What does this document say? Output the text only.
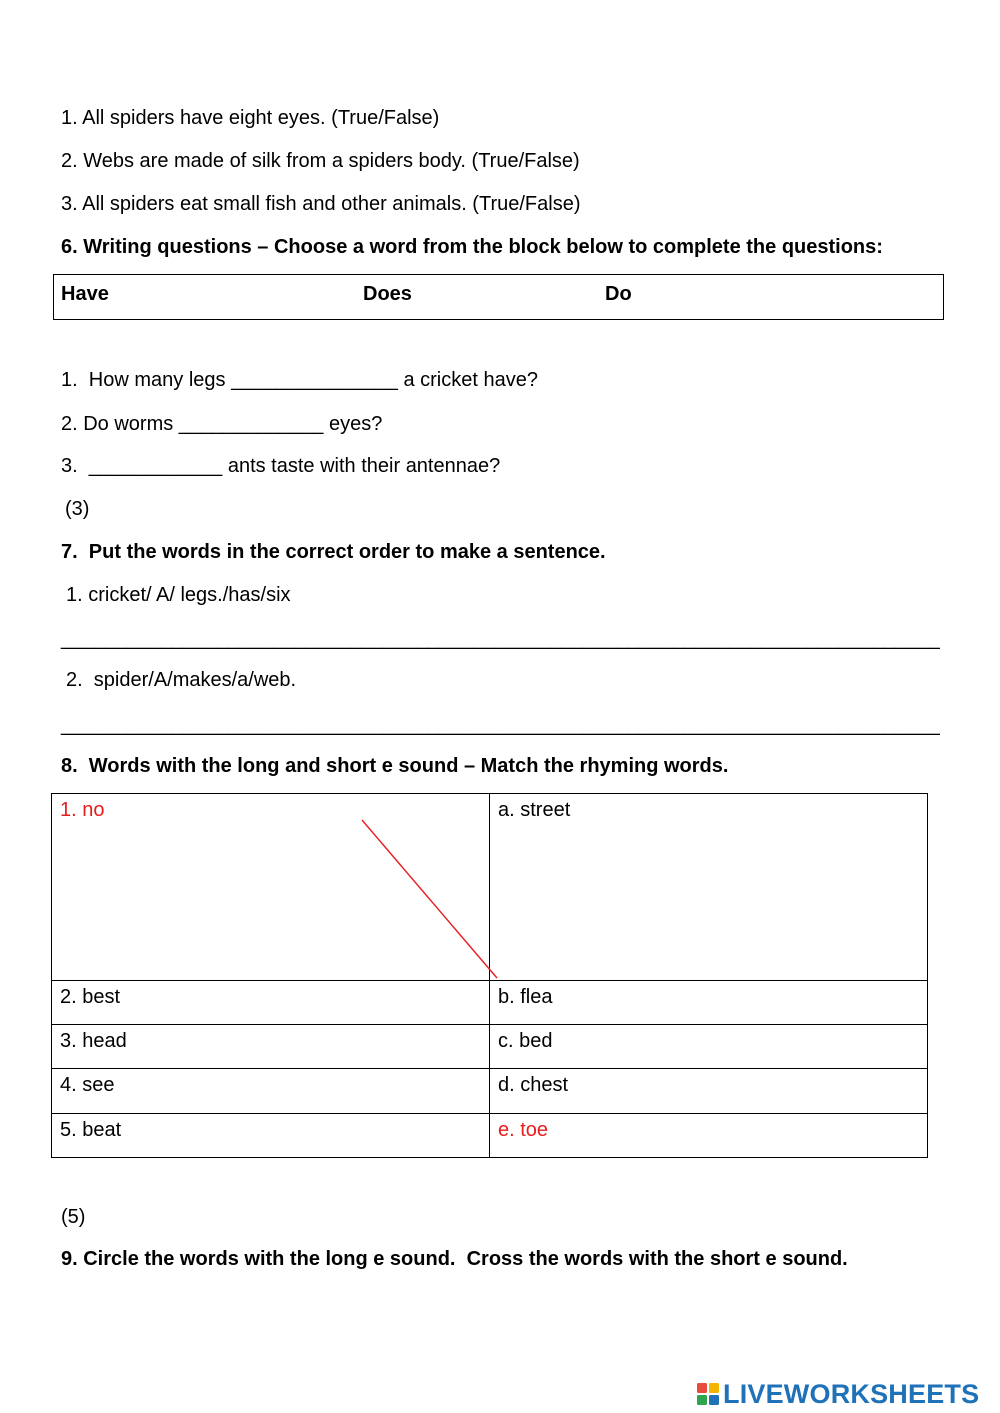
1. All spiders have eight eyes. (True/False)
2. Webs are made of silk from a spiders body. (True/False)
3. All spiders eat small fish and other animals. (True/False)
6. Writing questions – Choose a word from the block below to complete the questions:
Have	Does	Do
1.  How many legs _______________ a cricket have?
2. Do worms _____________ eyes?
3.  ____________ ants taste with their antennae?
(3)
7.  Put the words in the correct order to make a sentence.
1. cricket/ A/ legs./has/six
_______________________________________________________________________________
2.  spider/A/makes/a/web.
_______________________________________________________________________________
8.  Words with the long and short e sound – Match the rhyming words.
1. no	a. street
2. best	b. flea
3. head	c. bed
4. see	d. chest
5. beat	e. toe
(5)
9. Circle the words with the long e sound.  Cross the words with the short e sound.
LIVEWORKSHEETS
